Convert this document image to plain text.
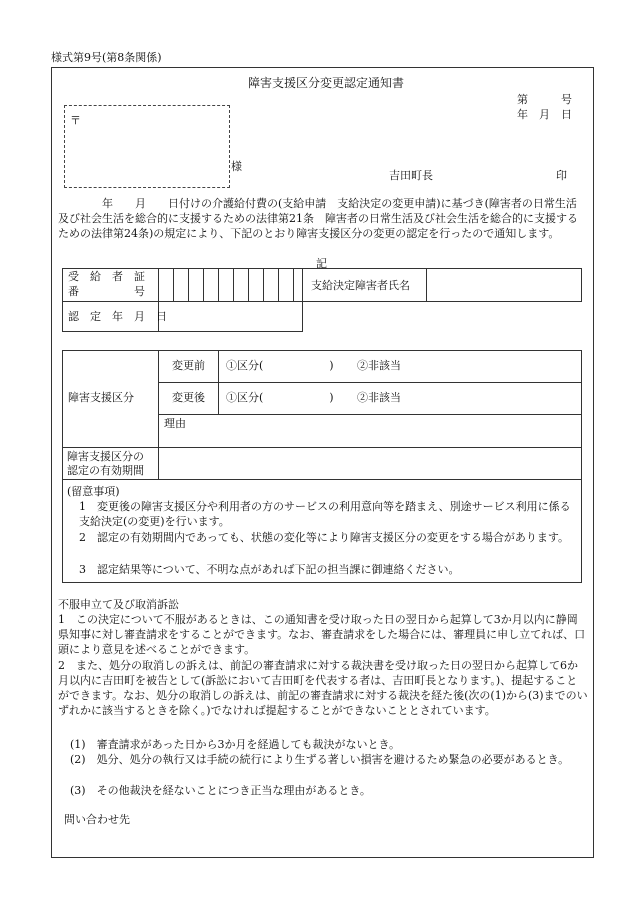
様式第9号(第8条関係)
障害支援区分変更認定通知書
第　　　号
年　月　日
〒
様
吉田町長	印
　　　　年　　月　　日付けの介護給付費の(支給申請　支給決定の変更申請)に基づき(障害者の日常生活及び社会生活を総合的に支援するための法律第21条　障害者の日常生活及び社会生活を総合的に支援するための法律第24条)の規定により、下記のとおり障害支援区分の変更の認定を行ったので通知します。
記
受　給　者　証
番　　　　　号	支給決定障害者氏名
認　定　年　月　日
障害支援区分
変更前 ①区分(　　　　　　) ②非該当
変更後 ①区分(　　　　　　) ②非該当
理由
障害支援区分の
認定の有効期間
(留意事項)
1　変更後の障害支援区分や利用者の方のサービスの利用意向等を踏まえ、別途サービス利用に係る支給決定(の変更)を行います。
2　認定の有効期間内であっても、状態の変化等により障害支援区分の変更をする場合があります。
3　認定結果等について、不明な点があれば下記の担当課に御連絡ください。
不服申立て及び取消訴訟
1　この決定について不服があるときは、この通知書を受け取った日の翌日から起算して3か月以内に静岡県知事に対し審査請求をすることができます。なお、審査請求をした場合には、審理員に申し立てれば、口頭により意見を述べることができます。
2　また、処分の取消しの訴えは、前記の審査請求に対する裁決書を受け取った日の翌日から起算して6か月以内に吉田町を被告として(訴訟において吉田町を代表する者は、吉田町長となります。)、提起することができます。なお、処分の取消しの訴えは、前記の審査請求に対する裁決を経た後(次の(1)から(3)までのいずれかに該当するときを除く。)でなければ提起することができないこととされています。
(1)　審査請求があった日から3か月を経過しても裁決がないとき。
(2)　処分、処分の執行又は手続の続行により生ずる著しい損害を避けるため緊急の必要があるとき。
(3)　その他裁決を経ないことにつき正当な理由があるとき。
問い合わせ先
